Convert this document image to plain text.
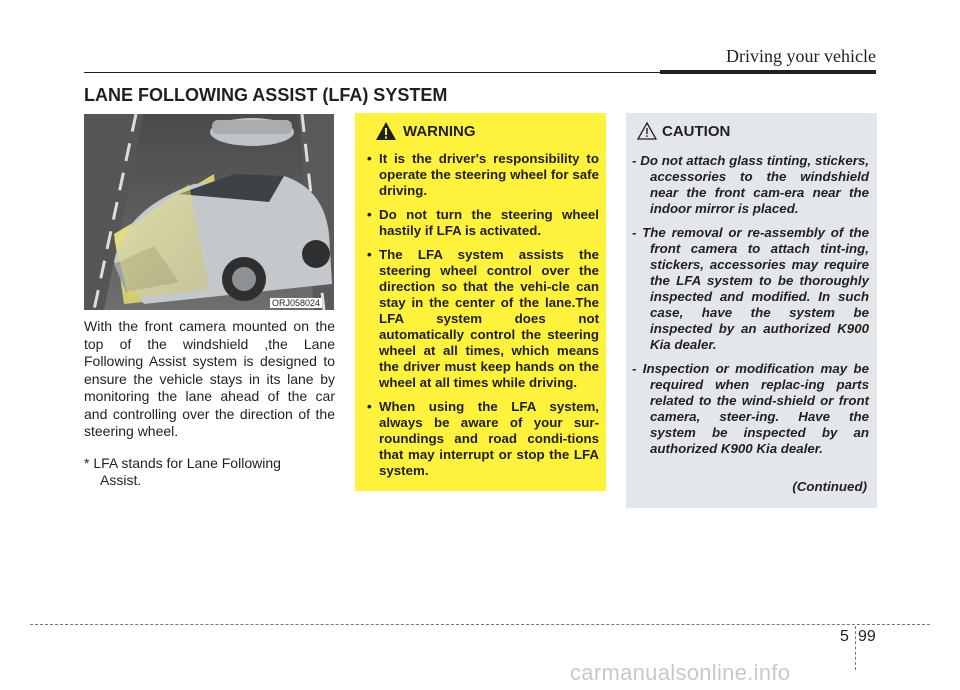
Driving your vehicle
LANE FOLLOWING ASSIST (LFA) SYSTEM
ORJ058024
With the front camera mounted on the top of the windshield ,the Lane Following Assist system is designed to ensure the vehicle stays in its lane by monitoring the lane ahead of the car and controlling over the direction of the steering wheel.
* LFA stands for Lane Following
Assist.
WARNING
• It is the driver's responsibility to operate the steering wheel for safe driving.
• Do not turn the steering wheel hastily if LFA is activated.
• The LFA system assists the steering wheel control over the direction so that the vehi-cle can stay in the center of the lane.The LFA system does not automatically control the steering wheel at all times, which means the driver must keep hands on the wheel at all times while driving.
• When using the LFA system, always be aware of your sur-roundings and road condi-tions that may interrupt or stop the LFA system.
CAUTION
- Do not attach glass tinting, stickers, accessories to the windshield near the front cam-era near the indoor mirror is placed.
- The removal or re-assembly of the front camera to attach tint-ing, stickers, accessories may require the LFA system to be thoroughly inspected and modified. In such case, have the system be inspected by an authorized K900 Kia dealer.
- Inspection or modification may be required when replac-ing parts related to the wind-shield or front camera, steer-ing. Have the system be inspected by an authorized K900 Kia dealer.
(Continued)
5 99
carmanualsonline.info
